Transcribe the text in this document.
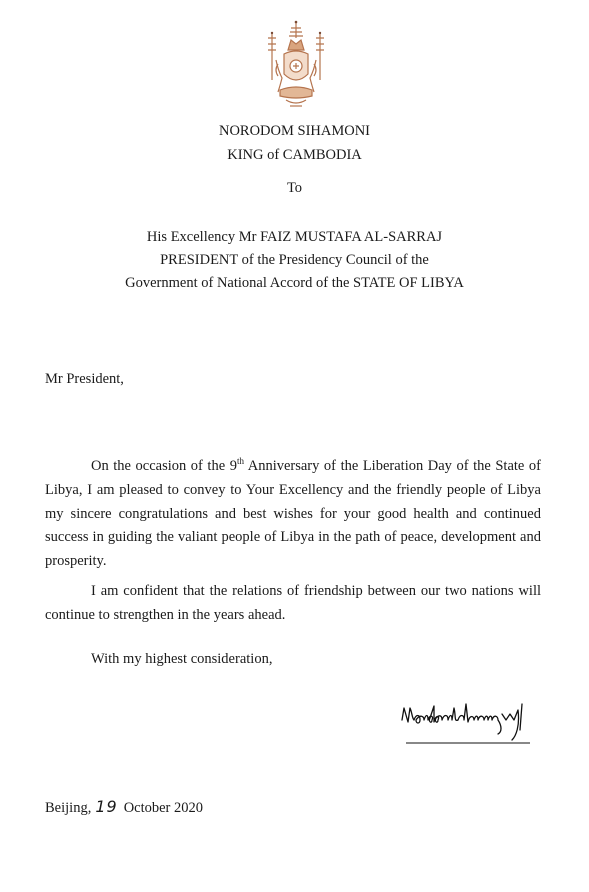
NORODOM SIHAMONI
KING of CAMBODIA
To
His Excellency Mr FAIZ MUSTAFA AL-SARRAJ
PRESIDENT of the Presidency Council of the
Government of National Accord of the STATE OF LIBYA
Mr President,
On the occasion of the 9th Anniversary of the Liberation Day of the State of Libya, I am pleased to convey to Your Excellency and the friendly people of Libya my sincere congratulations and best wishes for your good health and continued success in guiding the valiant people of Libya in the path of peace, development and prosperity.
I am confident that the relations of friendship between our two nations will continue to strengthen in the years ahead.
With my highest consideration,
Beijing, 19 October 2020
